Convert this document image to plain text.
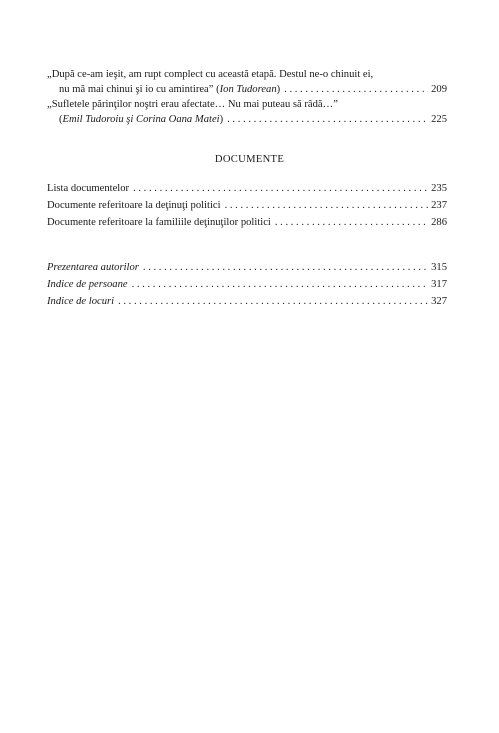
„După ce-am ieşit, am rupt complect cu această etapă. Destul ne-o chinuit ei,
nu mă mai chinui şi io cu amintirea” ( Ion Tudorean ) . . .	209
„Sufletele părinţilor noştri erau afectate… Nu mai puteau să râdă…”
( Emil Tudoroiu şi Corina Oana Matei ) . . .	225
DOCUMENTE
Lista documentelor . . .	235
Documente referitoare la deţinuţi politici . . .	237
Documente referitoare la familiile deţinuţilor politici . . .	286
Prezentarea autorilor . . .	315
Indice de persoane . . .	317
Indice de locuri . . .	327
